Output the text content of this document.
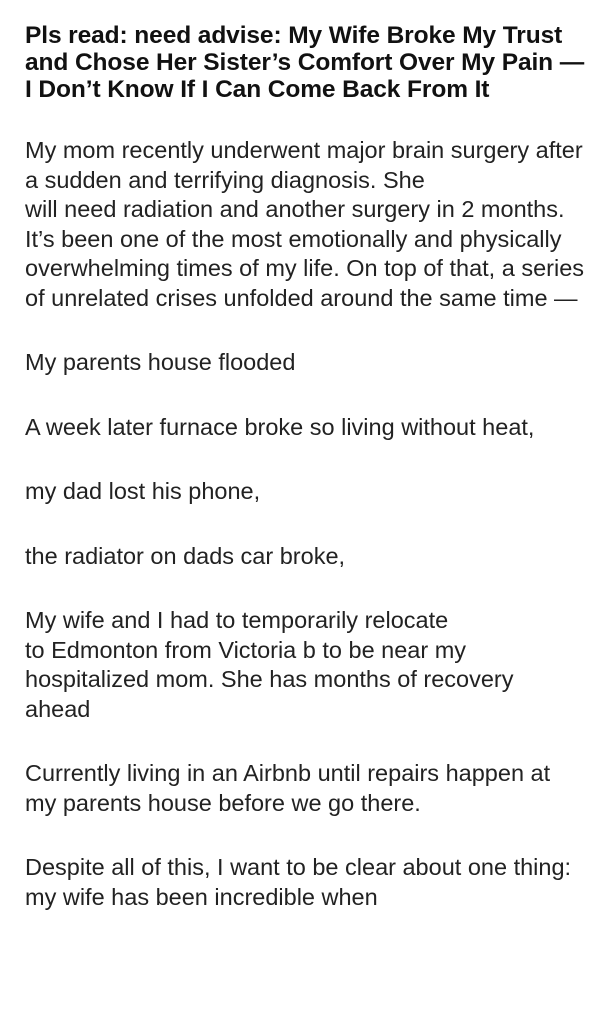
Pls read: need advise: My Wife Broke My Trust and Chose Her Sister’s Comfort Over My Pain — I Don’t Know If I Can Come Back From It

My mom recently underwent major brain surgery after a sudden and terrifying diagnosis. She
will need radiation and another surgery in 2 months. It’s been one of the most emotionally and physically overwhelming times of my life. On top of that, a series of unrelated crises unfolded around the same time —

My parents house flooded

A week later furnace broke so living without heat,

my dad lost his phone,

the radiator on dads car broke,

My wife and I had to temporarily relocate
to Edmonton from Victoria b to be near my hospitalized mom. She has months of recovery ahead

Currently living in an Airbnb until repairs happen at my parents house before we go there.

Despite all of this, I want to be clear about one thing: my wife has been incredible when
